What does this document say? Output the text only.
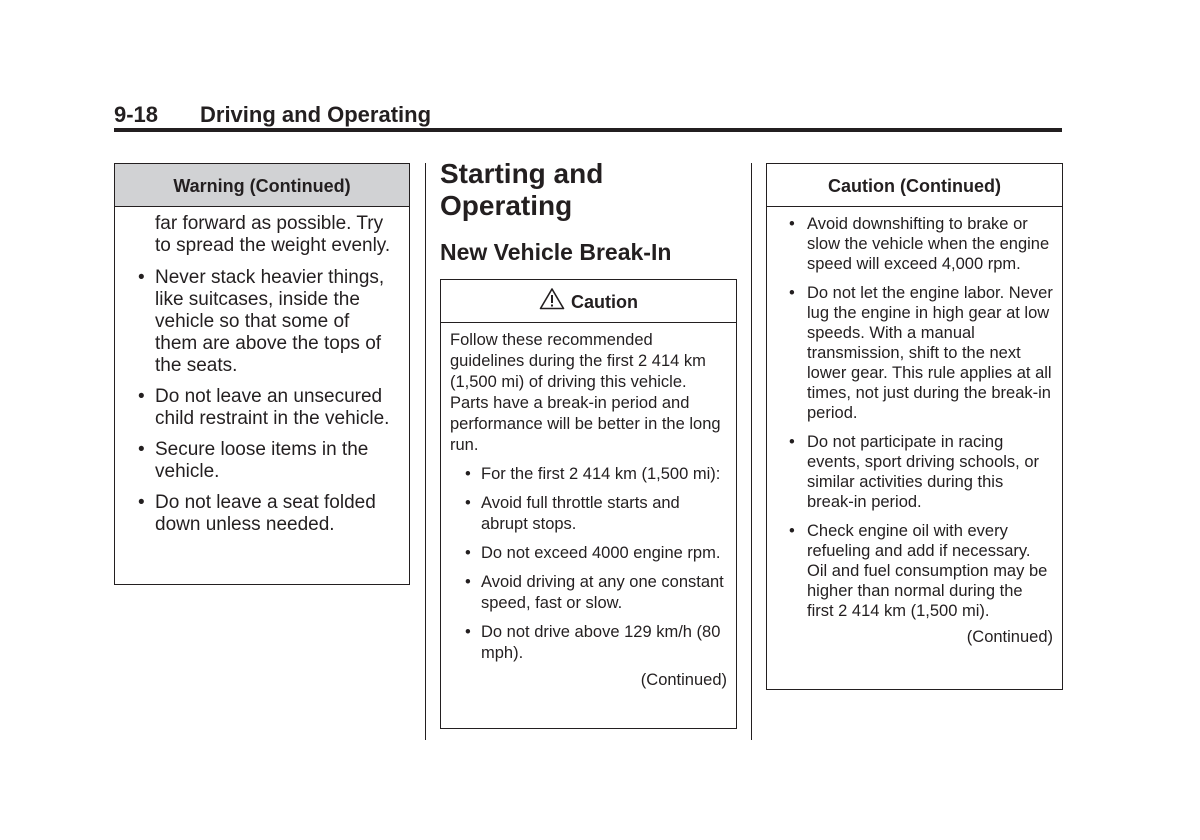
9-18 Driving and Operating
Warning (Continued)
far forward as possible. Try to spread the weight evenly.
• Never stack heavier things, like suitcases, inside the vehicle so that some of them are above the tops of the seats.
• Do not leave an unsecured child restraint in the vehicle.
• Secure loose items in the vehicle.
• Do not leave a seat folded down unless needed.
Starting and Operating
New Vehicle Break-In
Caution

Follow these recommended guidelines during the first 2 414 km (1,500 mi) of driving this vehicle. Parts have a break-in period and performance will be better in the long run.

• For the first 2 414 km (1,500 mi):
• Avoid full throttle starts and abrupt stops.
• Do not exceed 4000 engine rpm.
• Avoid driving at any one constant speed, fast or slow.
• Do not drive above 129 km/h (80 mph).
(Continued)
Caution (Continued)
• Avoid downshifting to brake or slow the vehicle when the engine speed will exceed 4,000 rpm.
• Do not let the engine labor. Never lug the engine in high gear at low speeds. With a manual transmission, shift to the next lower gear. This rule applies at all times, not just during the break-in period.
• Do not participate in racing events, sport driving schools, or similar activities during this break-in period.
• Check engine oil with every refueling and add if necessary. Oil and fuel consumption may be higher than normal during the first 2 414 km (1,500 mi).
(Continued)
